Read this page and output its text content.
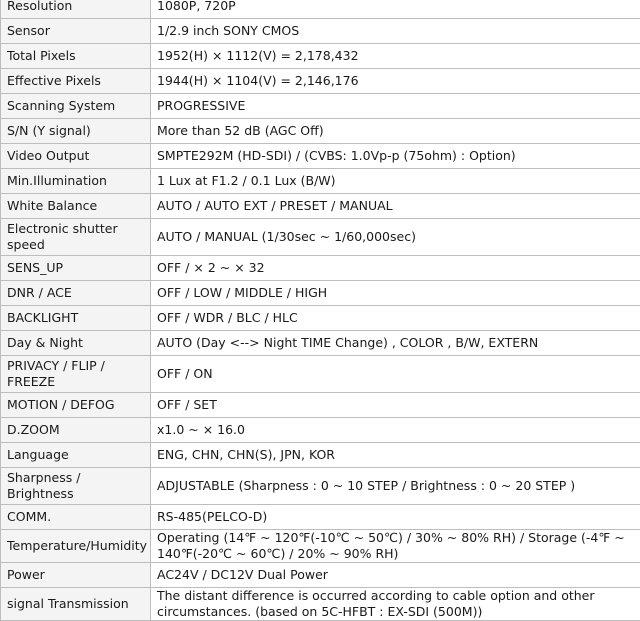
Resolution	1080P, 720P
Sensor	1/2.9 inch SONY CMOS
Total Pixels	1952(H) × 1112(V) = 2,178,432
Effective Pixels	1944(H) × 1104(V) = 2,146,176
Scanning System	PROGRESSIVE
S/N (Y signal)	More than 52 dB (AGC Off)
Video Output	SMPTE292M (HD-SDI) / (CVBS: 1.0Vp-p (75ohm) : Option)
Min.Illumination	1 Lux at F1.2 / 0.1 Lux (B/W)
White Balance	AUTO / AUTO EXT / PRESET / MANUAL
Electronic shutter speed	AUTO / MANUAL (1/30sec ~ 1/60,000sec)
SENS_UP	OFF / × 2 ~ × 32
DNR / ACE	OFF / LOW / MIDDLE / HIGH
BACKLIGHT	OFF / WDR / BLC / HLC
Day & Night	AUTO (Day <--> Night TIME Change) , COLOR , B/W, EXTERN
PRIVACY / FLIP / FREEZE	OFF / ON
MOTION / DEFOG	OFF / SET
D.ZOOM	x1.0 ~ × 16.0
Language	ENG, CHN, CHN(S), JPN, KOR
Sharpness / Brightness	ADJUSTABLE (Sharpness : 0 ~ 10 STEP / Brightness : 0 ~ 20 STEP )
COMM.	RS-485(PELCO-D)
Temperature/Humidity	Operating (14℉ ~ 120℉(-10℃ ~ 50℃) / 30% ~ 80% RH) / Storage (-4℉ ~ 140℉(-20℃ ~ 60℃) / 20% ~ 90% RH)
Power	AC24V / DC12V Dual Power
signal Transmission	The distant difference is occurred according to cable option and other circumstances. (based on 5C-HFBT : EX-SDI (500M))
